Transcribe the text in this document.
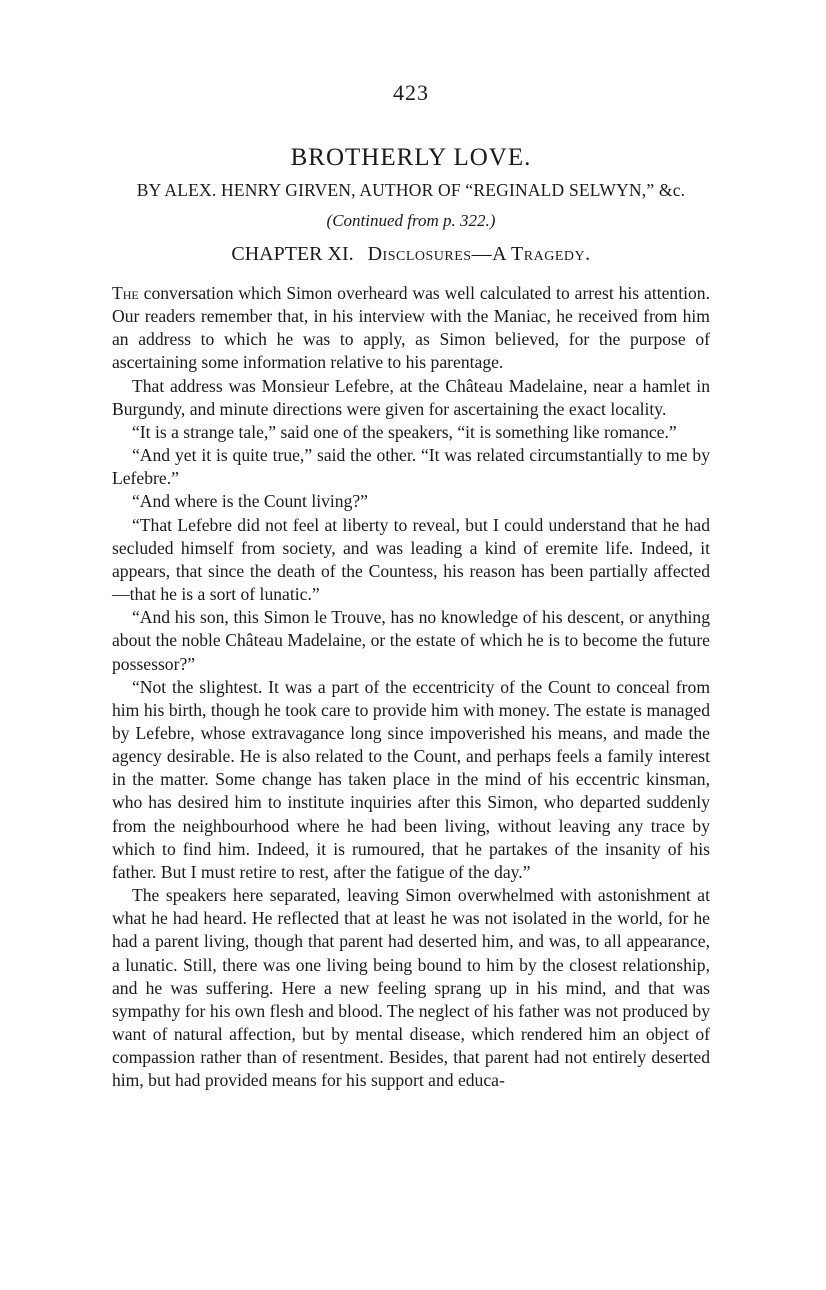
423
BROTHERLY LOVE.
BY ALEX. HENRY GIRVEN, AUTHOR OF “REGINALD SELWYN,” &c.
(Continued from p. 322.)
CHAPTER XI. Disclosures—A Tragedy.

The conversation which Simon overheard was well calculated to arrest his attention. Our readers remember that, in his interview with the Maniac, he received from him an address to which he was to apply, as Simon believed, for the purpose of ascertaining some information relative to his parentage.

That address was Monsieur Lefebre, at the Château Madelaine, near a hamlet in Burgundy, and minute directions were given for ascertaining the exact locality.

“It is a strange tale,” said one of the speakers, “it is something like romance.”

“And yet it is quite true,” said the other. “It was related circumstantially to me by Lefebre.”

“And where is the Count living?”

“That Lefebre did not feel at liberty to reveal, but I could understand that he had secluded himself from society, and was leading a kind of eremite life. Indeed, it appears, that since the death of the Countess, his reason has been partially affected—that he is a sort of lunatic.”

“And his son, this Simon le Trouve, has no knowledge of his descent, or anything about the noble Château Madelaine, or the estate of which he is to become the future possessor?”

“Not the slightest. It was a part of the eccentricity of the Count to conceal from him his birth, though he took care to provide him with money. The estate is managed by Lefebre, whose extravagance long since impoverished his means, and made the agency desirable. He is also related to the Count, and perhaps feels a family interest in the matter. Some change has taken place in the mind of his eccentric kinsman, who has desired him to institute inquiries after this Simon, who departed suddenly from the neighbourhood where he had been living, without leaving any trace by which to find him. Indeed, it is rumoured, that he partakes of the insanity of his father. But I must retire to rest, after the fatigue of the day.”

The speakers here separated, leaving Simon overwhelmed with astonishment at what he had heard. He reflected that at least he was not isolated in the world, for he had a parent living, though that parent had deserted him, and was, to all appearance, a lunatic. Still, there was one living being bound to him by the closest relationship, and he was suffering. Here a new feeling sprang up in his mind, and that was sympathy for his own flesh and blood. The neglect of his father was not produced by want of natural affection, but by mental disease, which rendered him an object of compassion rather than of resentment. Besides, that parent had not entirely deserted him, but had provided means for his support and educa-
